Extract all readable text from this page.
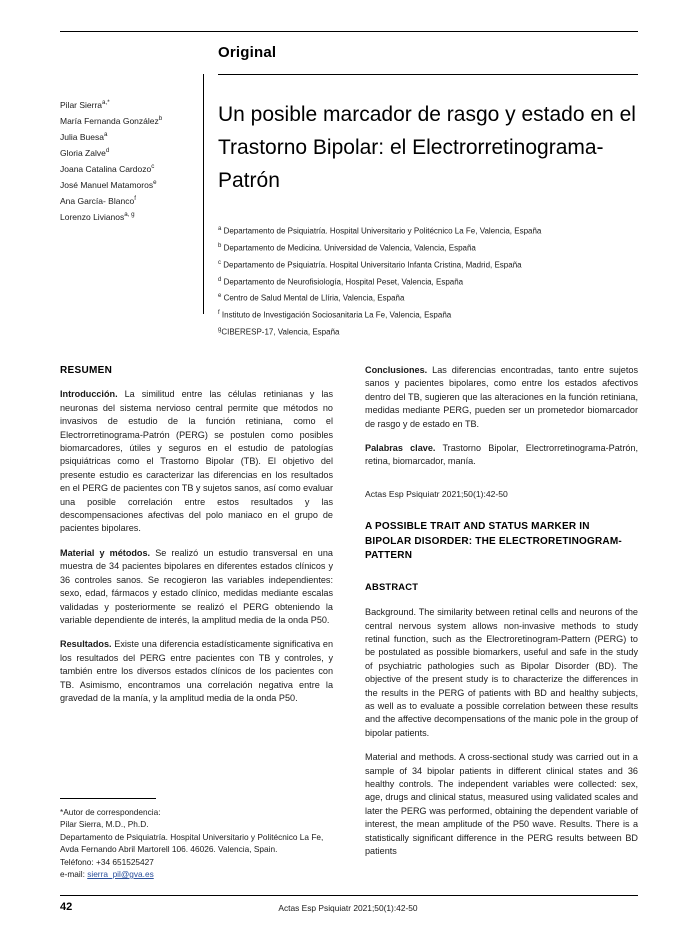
Original
Pilar Sierra$^{a,*}$
María Fernanda González$^b$
Julia Buesa$^a$
Gloria Zalve$^d$
Joana Catalina Cardozo$^c$
José Manuel Matamoros$^e$
Ana García- Blanco$^f$
Lorenzo Livianos$^{a, g}$
Un posible marcador de rasgo y estado en el Trastorno Bipolar: el Electrorretinograma-Patrón
$^a$ Departamento de Psiquiatría. Hospital Universitario y Politécnico La Fe, Valencia, España
$^b$ Departamento de Medicina. Universidad de Valencia, Valencia, España
$^c$ Departamento de Psiquiatría. Hospital Universitario Infanta Cristina, Madrid, España
$^d$ Departamento de Neurofisiología, Hospital Peset, Valencia, España
$^e$ Centro de Salud Mental de Llíria, Valencia, España
$^f$ Instituto de Investigación Sociosanitaria La Fe, Valencia, España
$^g$CIBERESP-17, Valencia, España
RESUMEN

Introducción. La similitud entre las células retinianas y las neuronas del sistema nervioso central permite que métodos no invasivos de estudio de la función retiniana, como el Electrorretinograma-Patrón (PERG) se postulen como posibles biomarcadores, útiles y seguros en el estudio de patologías psiquiátricas como el Trastorno Bipolar (TB). El objetivo del presente estudio es caracterizar las diferencias en los resultados en el PERG de pacientes con TB y sujetos sanos, así como evaluar una posible correlación entre estos resultados y las descompensaciones afectivas del polo maniaco en el grupo de pacientes bipolares.

Material y métodos. Se realizó un estudio transversal en una muestra de 34 pacientes bipolares en diferentes estados clínicos y 36 controles sanos. Se recogieron las variables independientes: sexo, edad, fármacos y estado clínico, medidas mediante escalas validadas y posteriormente se realizó el PERG obteniendo la variable dependiente de interés, la amplitud media de la onda P50.

Resultados. Existe una diferencia estadísticamente significativa en los resultados del PERG entre pacientes con TB y controles, y también entre los diversos estados clínicos de los pacientes con TB. Asimismo, encontramos una correlación negativa entre la gravedad de la manía, y la amplitud media de la onda P50.

Conclusiones. Las diferencias encontradas, tanto entre sujetos sanos y pacientes bipolares, como entre los estados afectivos dentro del TB, sugieren que las alteraciones en la función retiniana, medidas mediante PERG, pueden ser un prometedor biomarcador de rasgo y de estado en TB.

Palabras clave. Trastorno Bipolar, Electrorretinograma-Patrón, retina, biomarcador, manía.

Actas Esp Psiquiatr 2021;50(1):42-50
A POSSIBLE TRAIT AND STATUS MARKER IN BIPOLAR DISORDER: THE ELECTRORETINOGRAM-PATTERN
ABSTRACT

Background. The similarity between retinal cells and neurons of the central nervous system allows non-invasive methods to study retinal function, such as the Electroretinogram-Pattern (PERG) to be postulated as possible biomarkers, useful and safe in the study of psychiatric pathologies such as Bipolar Disorder (BD). The objective of the present study is to characterize the differences in the results in the PERG of patients with BD and healthy subjects, as well as to evaluate a possible correlation between these results and the affective decompensations of the manic pole in the group of bipolar patients.

Material and methods. A cross-sectional study was carried out in a sample of 34 bipolar patients in different clinical states and 36 healthy controls. The independent variables were collected: sex, age, drugs and clinical status, measured using validated scales and later the PERG was performed, obtaining the dependent variable of interest, the mean amplitude of the P50 wave. Results. There is a statistically significant difference in the PERG results between BD patients

*Autor de correspondencia:
Pilar Sierra, M.D., Ph.D.
Departamento de Psiquiatría. Hospital Universitario y Politécnico La Fe,
Avda Fernando Abril Martorell 106. 46026. Valencia, Spain.
Teléfono: +34 651525427
e-mail: sierra_pil@gva.es
42	Actas Esp Psiquiatr 2021;50(1):42-50
